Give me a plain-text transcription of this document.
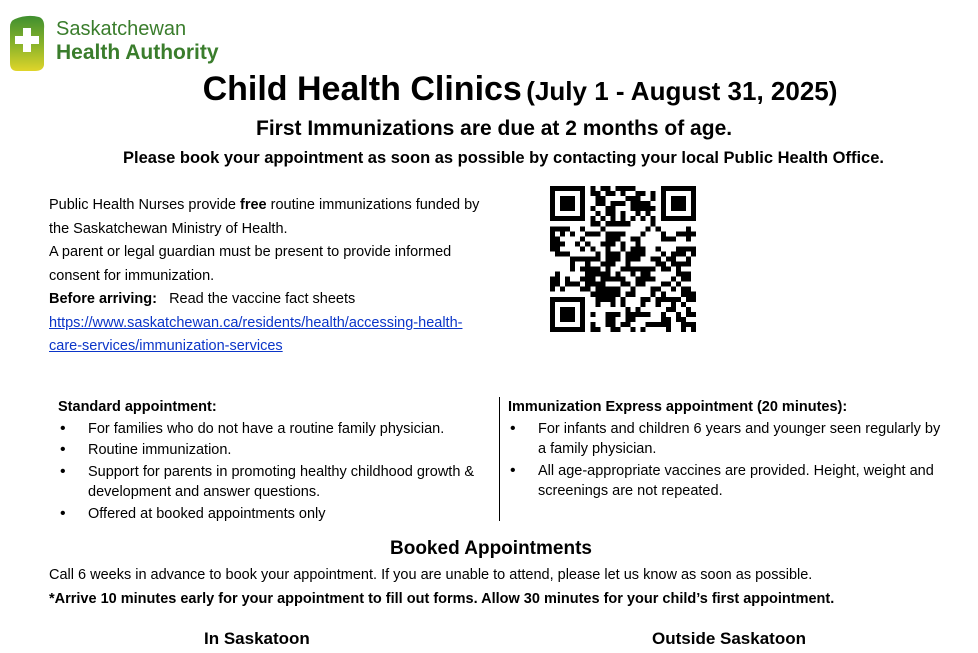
Saskatchewan
Health Authority
Child Health Clinics (July 1 - August 31, 2025)
First Immunizations are due at 2 months of age.
Please book your appointment as soon as possible by contacting your local Public Health Office.

Public Health Nurses provide free routine immunizations funded by the Saskatchewan Ministry of Health.

A parent or legal guardian must be present to provide informed consent for immunization.

Before arriving: Read the vaccine fact sheets

https://www.saskatchewan.ca/residents/health/accessing-health-care-services/immunization-services

Standard appointment:
• For families who do not have a routine family physician.
• Routine immunization.
• Support for parents in promoting healthy childhood growth & development and answer questions.
• Offered at booked appointments only
Immunization Express appointment (20 minutes):
• For infants and children 6 years and younger seen regularly by a family physician.
• All age-appropriate vaccines are provided. Height, weight and screenings are not repeated.
Booked Appointments
Call 6 weeks in advance to book your appointment. If you are unable to attend, please let us know as soon as possible.
*Arrive 10 minutes early for your appointment to fill out forms. Allow 30 minutes for your child’s first appointment.
In Saskatoon	Outside Saskatoon
